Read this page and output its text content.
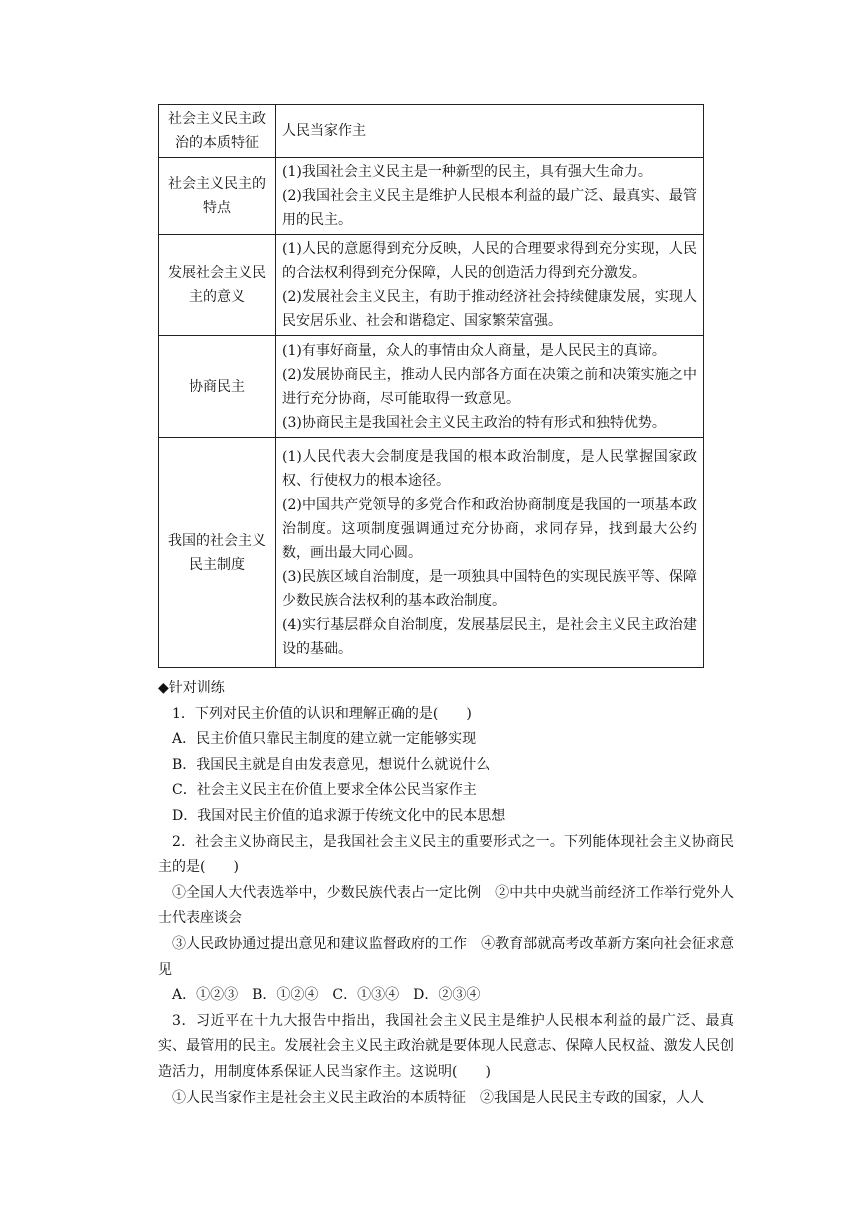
社会主义民主政治的本质特征	人民当家作主

社会主义民主的特点	(1)我国社会主义民主是一种新型的民主，具有强大生命力。
(2)我国社会主义民主是维护人民根本利益的最广泛、最真实、最管用的民主。

发展社会主义民主的意义	(1)人民的意愿得到充分反映，人民的合理要求得到充分实现，人民的合法权利得到充分保障，人民的创造活力得到充分激发。
(2)发展社会主义民主，有助于推动经济社会持续健康发展，实现人民安居乐业、社会和谐稳定、国家繁荣富强。

协商民主	(1)有事好商量，众人的事情由众人商量，是人民民主的真谛。
(2)发展协商民主，推动人民内部各方面在决策之前和决策实施之中进行充分协商，尽可能取得一致意见。
(3)协商民主是我国社会主义民主政治的特有形式和独特优势。

我国的社会主义民主制度	(1)人民代表大会制度是我国的根本政治制度，是人民掌握国家政权、行使权力的根本途径。
(2)中国共产党领导的多党合作和政治协商制度是我国的一项基本政治制度。这项制度强调通过充分协商，求同存异，找到最大公约数，画出最大同心圆。
(3)民族区域自治制度，是一项独具中国特色的实现民族平等、保障少数民族合法权利的基本政治制度。
(4)实行基层群众自治制度，发展基层民主，是社会主义民主政治建设的基础。
◆针对训练
1．下列对民主价值的认识和理解正确的是(　　)
A．民主价值只靠民主制度的建立就一定能够实现
B．我国民主就是自由发表意见，想说什么就说什么
C．社会主义民主在价值上要求全体公民当家作主
D．我国对民主价值的追求源于传统文化中的民本思想
2．社会主义协商民主，是我国社会主义民主的重要形式之一。下列能体现社会主义协商民主的是(　　)
①全国人大代表选举中，少数民族代表占一定比例　②中共中央就当前经济工作举行党外人士代表座谈会
③人民政协通过提出意见和建议监督政府的工作　④教育部就高考改革新方案向社会征求意见
A．①②③　B．①②④　C．①③④　D．②③④
3．习近平在十九大报告中指出，我国社会主义民主是维护人民根本利益的最广泛、最真实、最管用的民主。发展社会主义民主政治就是要体现人民意志、保障人民权益、激发人民创造活力，用制度体系保证人民当家作主。这说明(　　)
①人民当家作主是社会主义民主政治的本质特征　②我国是人民民主专政的国家，人人
